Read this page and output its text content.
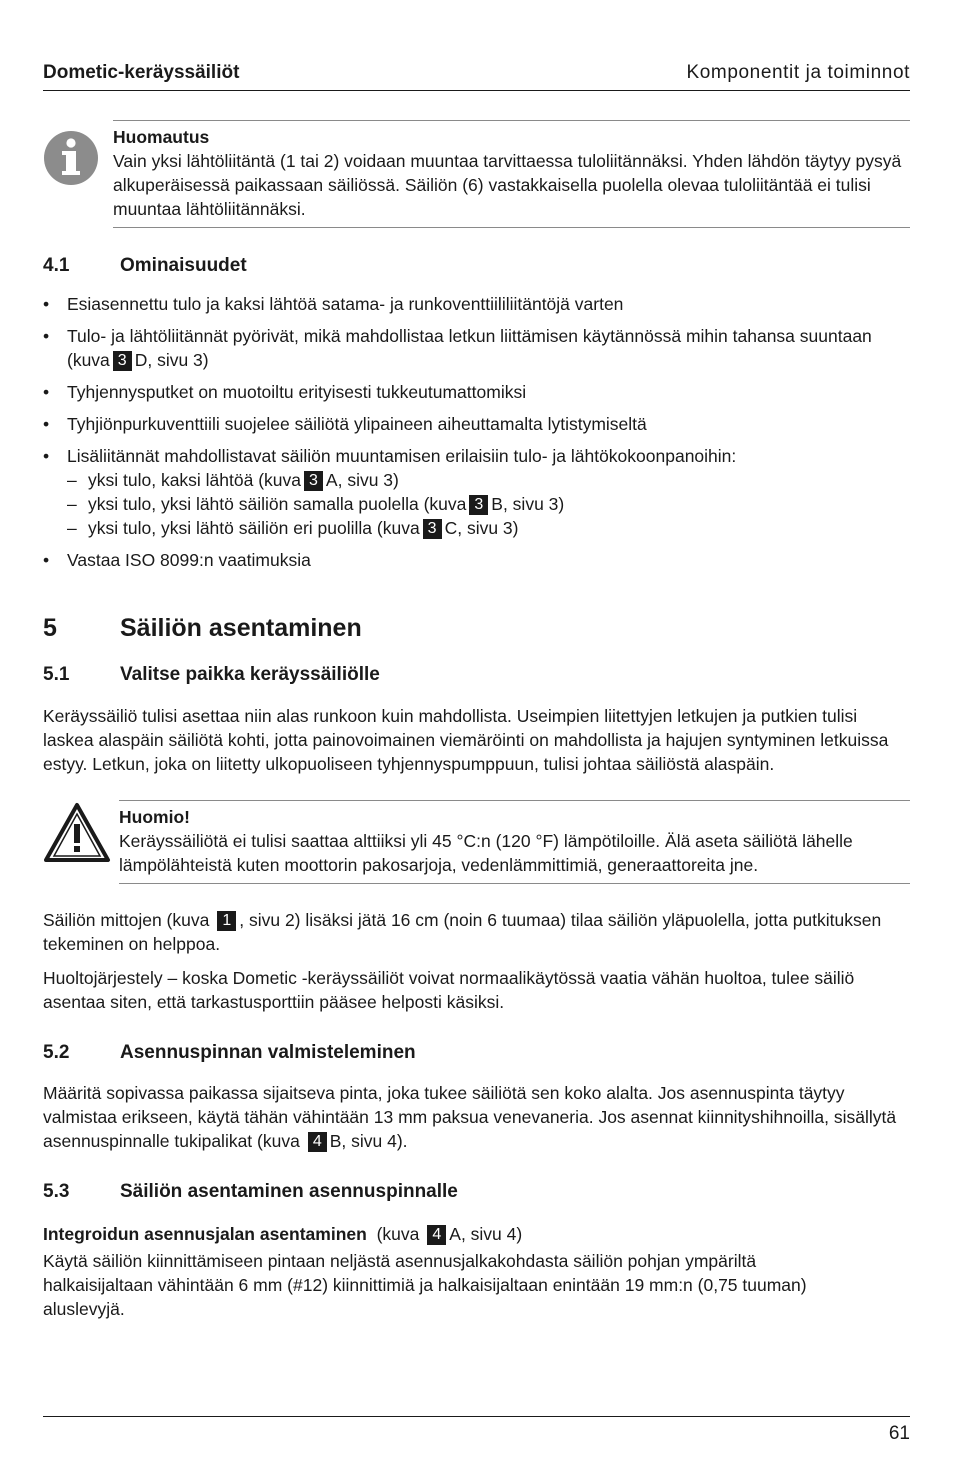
Dometic-keräyssäiliöt	Komponentit ja toiminnot
Huomautus
Vain yksi lähtöliitäntä (1 tai 2) voidaan muuntaa tarvittaessa tuloliitännäksi. Yhden lähdön täytyy pysyä alkuperäisessä paikassaan säiliössä. Säiliön (6) vastakkaisella puolella olevaa tuloliitäntää ei tulisi muuntaa lähtöliitännäksi.
4.1	Ominaisuudet
• Esiasennettu tulo ja kaksi lähtöä satama- ja runkoventtiililiitäntöjä varten
• Tulo- ja lähtöliitännät pyörivät, mikä mahdollistaa letkun liittämisen käytännössä mihin tahansa suuntaan (kuva 3 D, sivu 3)
• Tyhjennysputket on muotoiltu erityisesti tukkeutumattomiksi
• Tyhjiönpurkuventtiili suojelee säiliötä ylipaineen aiheuttamalta lytistymiseltä
• Lisäliitännät mahdollistavat säiliön muuntamisen erilaisiin tulo- ja lähtökokoonpanoihin:
– yksi tulo, kaksi lähtöä (kuva 3 A, sivu 3)
– yksi tulo, yksi lähtö säiliön samalla puolella (kuva 3 B, sivu 3)
– yksi tulo, yksi lähtö säiliön eri puolilla (kuva 3 C, sivu 3)
• Vastaa ISO 8099:n vaatimuksia
5	Säiliön asentaminen
5.1	Valitse paikka keräyssäiliölle
Keräyssäiliö tulisi asettaa niin alas runkoon kuin mahdollista. Useimpien liitettyjen letkujen ja putkien tulisi laskea alaspäin säiliötä kohti, jotta painovoimainen viemäröinti on mahdollista ja hajujen syntyminen letkuissa estyy. Letkun, joka on liitetty ulkopuoliseen tyhjennyspumppuun, tulisi johtaa säiliöstä alaspäin.
Huomio!
Keräyssäiliötä ei tulisi saattaa alttiiksi yli 45 °C:n (120 °F) lämpötiloille. Älä aseta säiliötä lähelle lämpölähteistä kuten moottorin pakosarjoja, vedenlämmittimiä, generaattoreita jne.
Säiliön mittojen (kuva 1 , sivu 2) lisäksi jätä 16 cm (noin 6 tuumaa) tilaa säiliön yläpuolella, jotta putkituksen tekeminen on helppoa.
Huoltojärjestely – koska Dometic -keräyssäiliöt voivat normaalikäytössä vaatia vähän huoltoa, tulee säiliö asentaa siten, että tarkastusporttiin pääsee helposti käsiksi.
5.2	Asennuspinnan valmisteleminen
Määritä sopivassa paikassa sijaitseva pinta, joka tukee säiliötä sen koko alalta. Jos asennuspinta täytyy valmistaa erikseen, käytä tähän vähintään 13 mm paksua venevaneria. Jos asennat kiinnityshihnoilla, sisällytä asennuspinnalle tukipalikat (kuva 4 B, sivu 4).
5.3	Säiliön asentaminen asennuspinnalle
Integroidun asennusjalan asentaminen (kuva 4 A, sivu 4)
Käytä säiliön kiinnittämiseen pintaan neljästä asennusjalkakohdasta säiliön pohjan ympäriltä halkaisijaltaan vähintään 6 mm (#12) kiinnittimiä ja halkaisijaltaan enintään 19 mm:n (0,75 tuuman) aluslevyjä.
61
